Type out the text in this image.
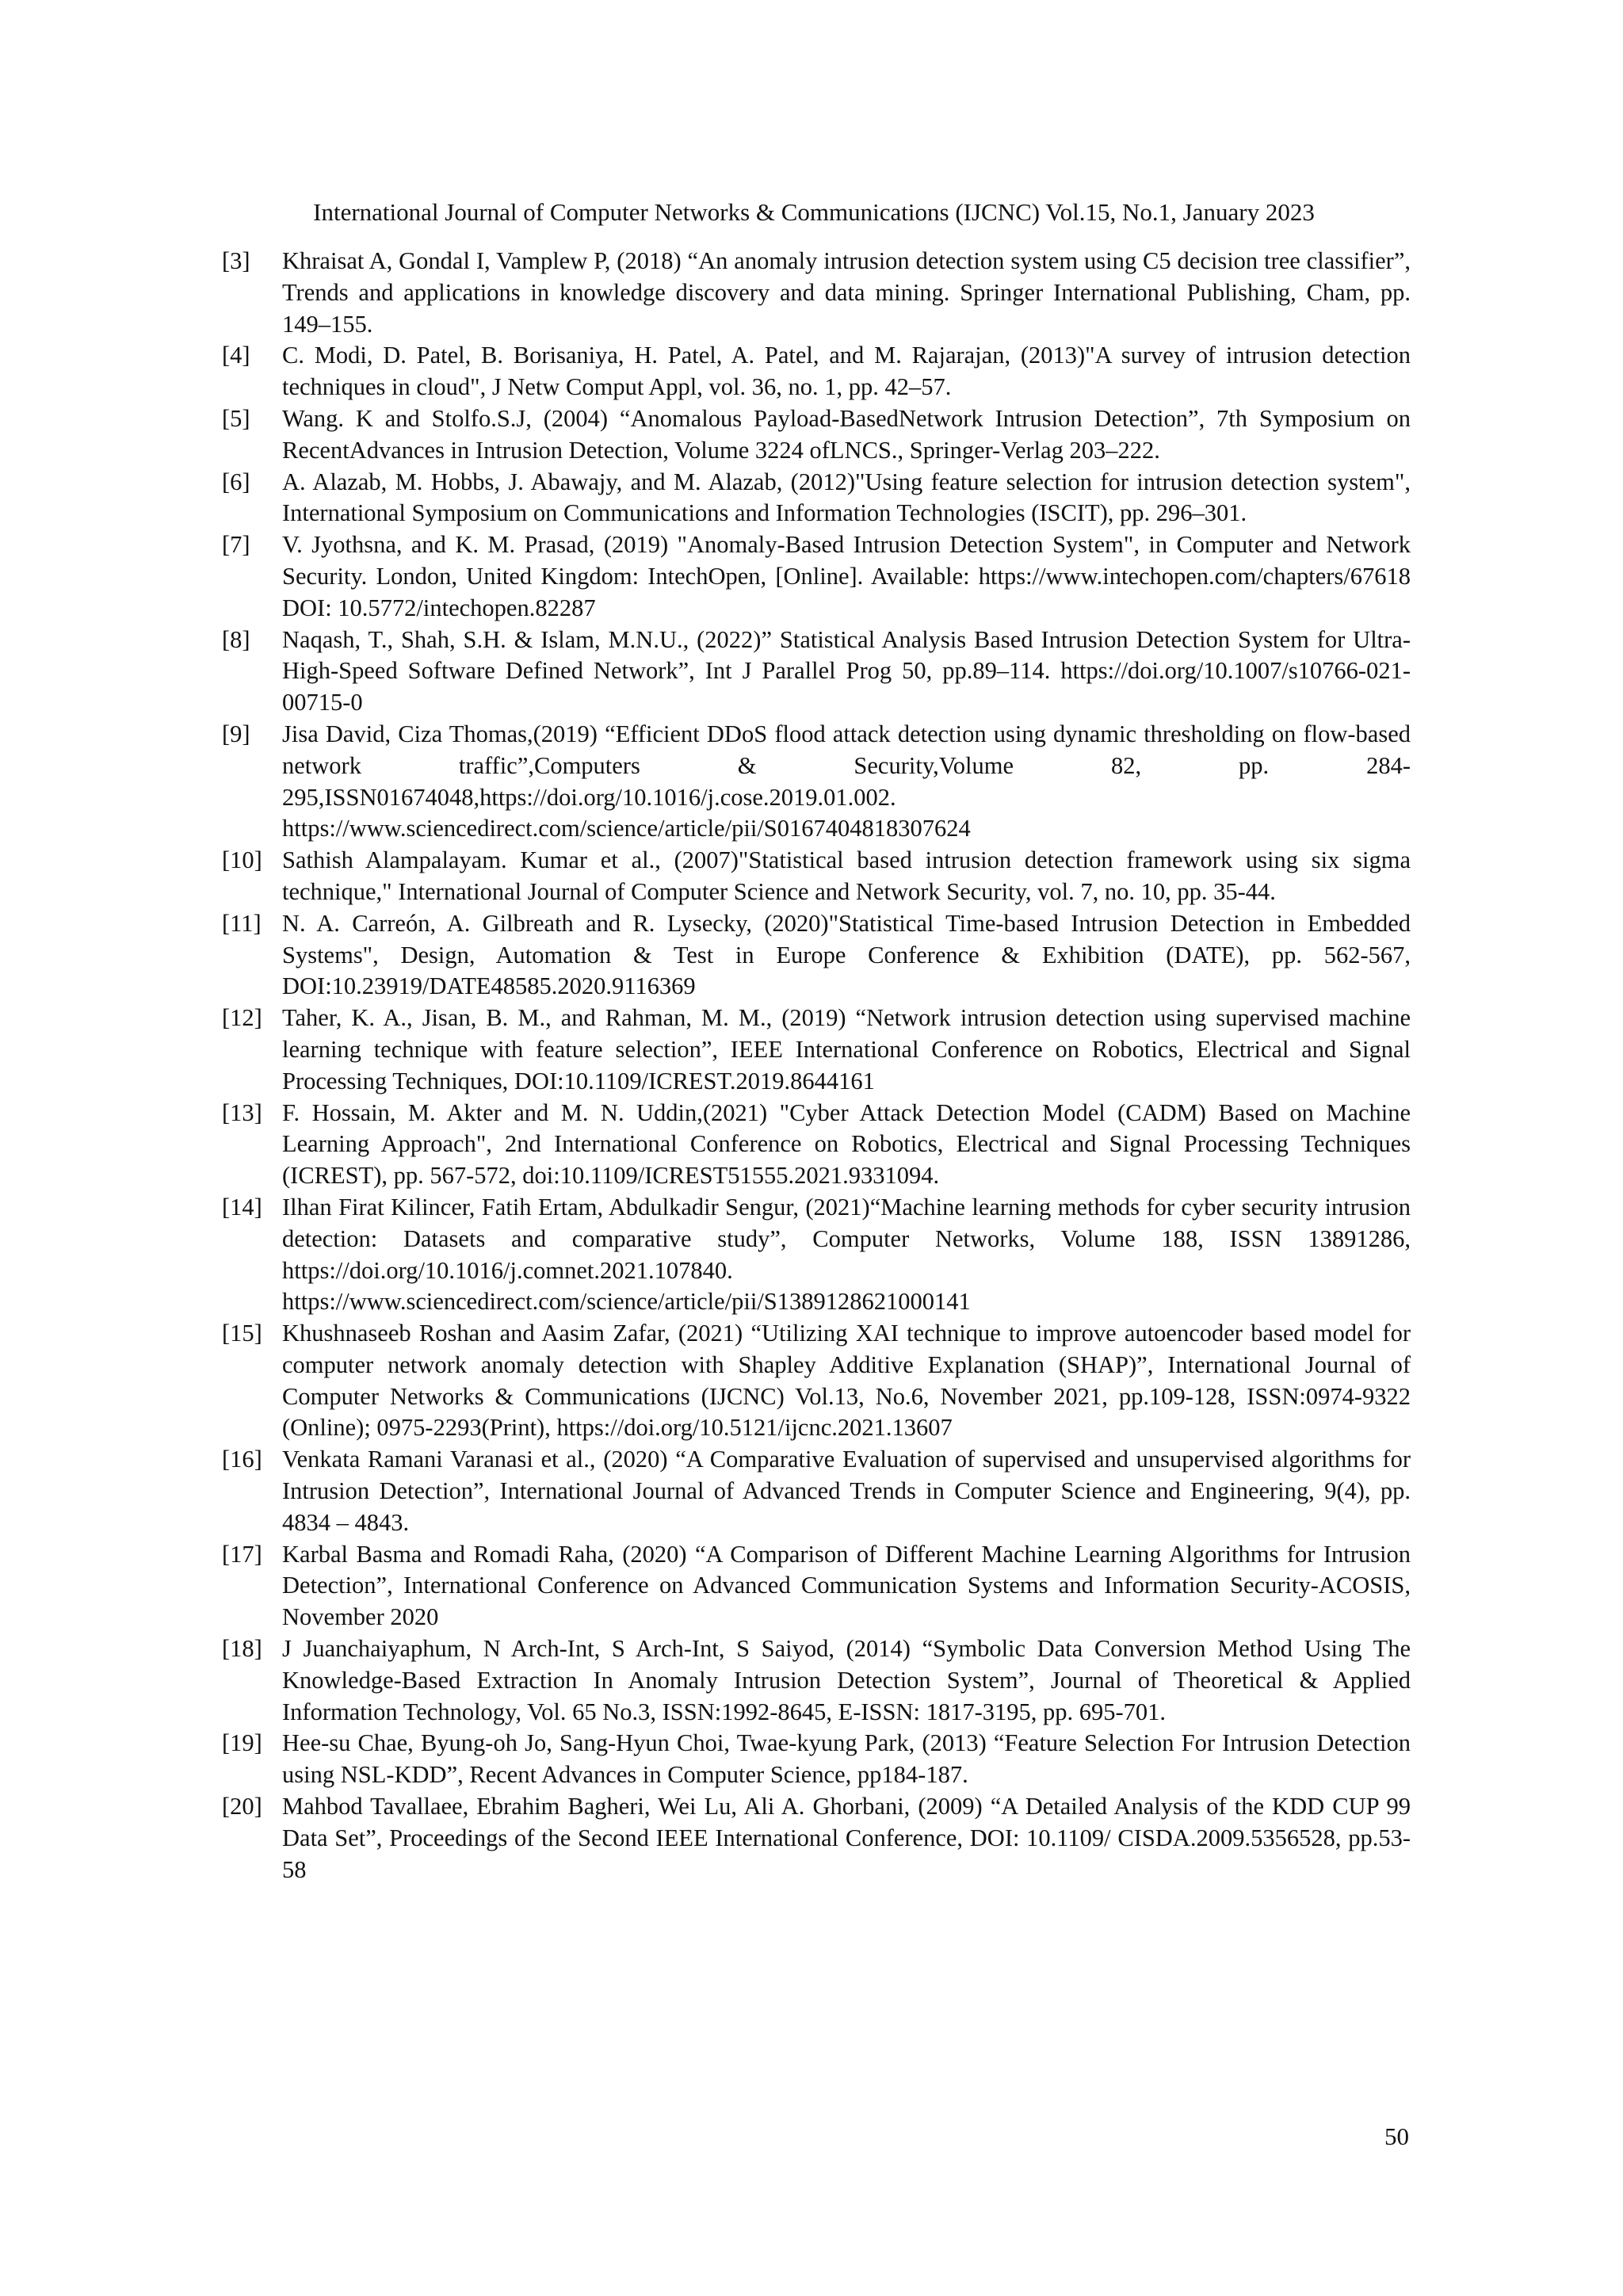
International Journal of Computer Networks & Communications (IJCNC) Vol.15, No.1, January 2023
[3]	Khraisat A, Gondal I, Vamplew P, (2018) “An anomaly intrusion detection system using C5 decision tree classifier”, Trends and applications in knowledge discovery and data mining. Springer International Publishing, Cham, pp. 149–155.
[4]	C. Modi, D. Patel, B. Borisaniya, H. Patel, A. Patel, and M. Rajarajan, (2013)"A survey of intrusion detection techniques in cloud", J Netw Comput Appl, vol. 36, no. 1, pp. 42–57.
[5]	Wang. K and Stolfo.S.J, (2004) “Anomalous Payload-BasedNetwork Intrusion Detection”, 7th Symposium on RecentAdvances in Intrusion Detection, Volume 3224 ofLNCS., Springer-Verlag 203–222.
[6]	A. Alazab, M. Hobbs, J. Abawajy, and M. Alazab, (2012)"Using feature selection for intrusion detection system", International Symposium on Communications and Information Technologies (ISCIT), pp. 296–301.
[7]	V. Jyothsna, and K. M. Prasad, (2019) "Anomaly-Based Intrusion Detection System", in Computer and Network Security. London, United Kingdom: IntechOpen, [Online]. Available: https://www.intechopen.com/chapters/67618 DOI: 10.5772/intechopen.82287
[8]	Naqash, T., Shah, S.H. & Islam, M.N.U., (2022)” Statistical Analysis Based Intrusion Detection System for Ultra-High-Speed Software Defined Network”, Int J Parallel Prog 50, pp.89–114. https://doi.org/10.1007/s10766-021-00715-0
[9]	Jisa David, Ciza Thomas,(2019) “Efficient DDoS flood attack detection using dynamic thresholding on flow-based network traffic”,Computers & Security,Volume 82, pp. 284-295,ISSN01674048,https://doi.org/10.1016/j.cose.2019.01.002. https://www.sciencedirect.com/science/article/pii/S0167404818307624
[10] Sathish Alampalayam. Kumar et al., (2007)"Statistical based intrusion detection framework using six sigma technique," International Journal of Computer Science and Network Security, vol. 7, no. 10, pp. 35-44.
[11] N. A. Carreón, A. Gilbreath and R. Lysecky, (2020)"Statistical Time-based Intrusion Detection in Embedded Systems", Design, Automation & Test in Europe Conference & Exhibition (DATE), pp. 562-567, DOI:10.23919/DATE48585.2020.9116369
[12] Taher, K. A., Jisan, B. M., and Rahman, M. M., (2019) “Network intrusion detection using supervised machine learning technique with feature selection”, IEEE International Conference on Robotics, Electrical and Signal Processing Techniques, DOI:10.1109/ICREST.2019.8644161
[13] F. Hossain, M. Akter and M. N. Uddin,(2021) "Cyber Attack Detection Model (CADM) Based on Machine Learning Approach", 2nd International Conference on Robotics, Electrical and Signal Processing Techniques (ICREST), pp. 567-572, doi:10.1109/ICREST51555.2021.9331094.
[14] Ilhan Firat Kilincer, Fatih Ertam, Abdulkadir Sengur, (2021)“Machine learning methods for cyber security intrusion detection: Datasets and comparative study”, Computer Networks, Volume 188, ISSN 13891286, https://doi.org/10.1016/j.comnet.2021.107840. https://www.sciencedirect.com/science/article/pii/S1389128621000141
[15] Khushnaseeb Roshan and Aasim Zafar, (2021) “Utilizing XAI technique to improve autoencoder based model for computer network anomaly detection with Shapley Additive Explanation (SHAP)”, International Journal of Computer Networks & Communications (IJCNC) Vol.13, No.6, November 2021, pp.109-128, ISSN:0974-9322 (Online); 0975-2293(Print), https://doi.org/10.5121/ijcnc.2021.13607
[16] Venkata Ramani Varanasi et al., (2020) “A Comparative Evaluation of supervised and unsupervised algorithms for Intrusion Detection”, International Journal of Advanced Trends in Computer Science and Engineering, 9(4), pp. 4834 – 4843.
[17] Karbal Basma and Romadi Raha, (2020) “A Comparison of Different Machine Learning Algorithms for Intrusion Detection”, International Conference on Advanced Communication Systems and Information Security-ACOSIS, November 2020
[18] J Juanchaiyaphum, N Arch-Int, S Arch-Int, S Saiyod, (2014) “Symbolic Data Conversion Method Using The Knowledge-Based Extraction In Anomaly Intrusion Detection System”, Journal of Theoretical & Applied Information Technology, Vol. 65 No.3, ISSN:1992-8645, E-ISSN: 1817-3195, pp. 695-701.
[19] Hee-su Chae, Byung-oh Jo, Sang-Hyun Choi, Twae-kyung Park, (2013) “Feature Selection For Intrusion Detection using NSL-KDD”, Recent Advances in Computer Science, pp184-187.
[20] Mahbod Tavallaee, Ebrahim Bagheri, Wei Lu, Ali A. Ghorbani, (2009) “A Detailed Analysis of the KDD CUP 99 Data Set”, Proceedings of the Second IEEE International Conference, DOI: 10.1109/ CISDA.2009.5356528, pp.53-58
50
